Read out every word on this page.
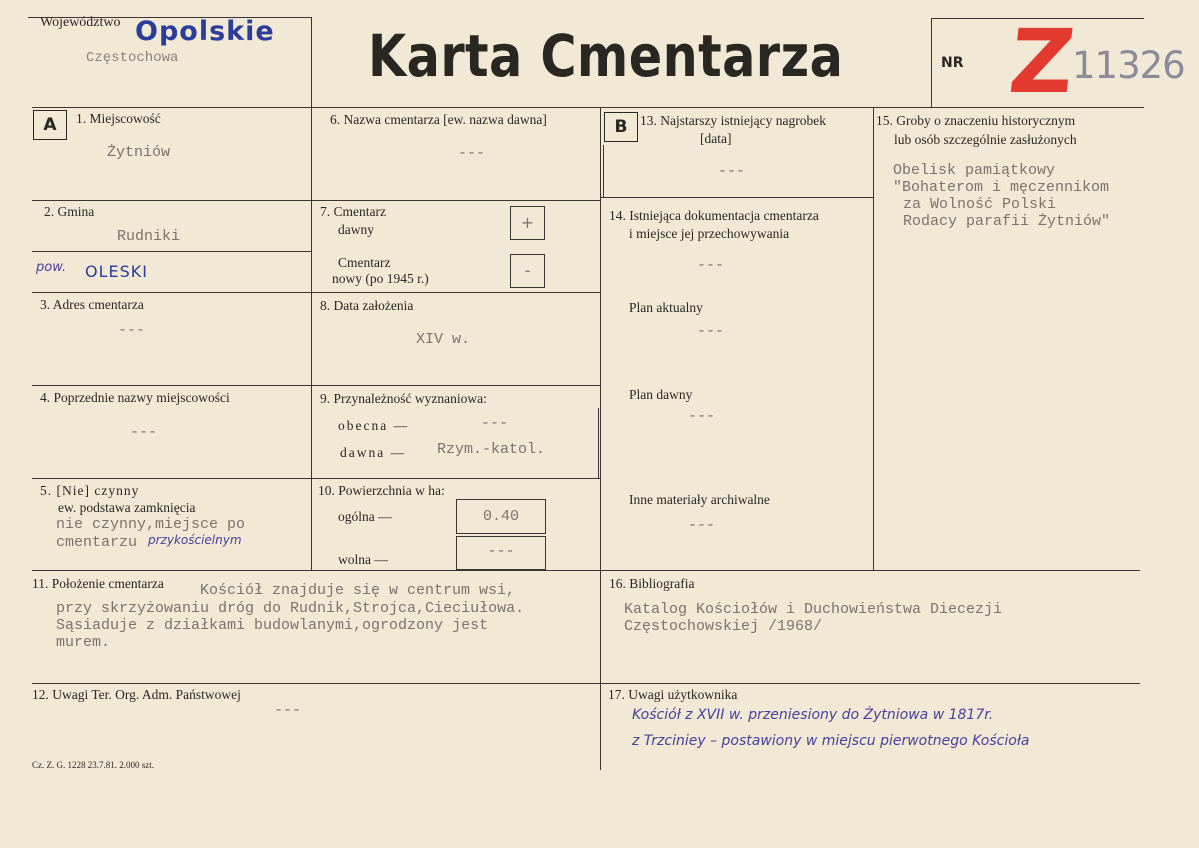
Województwo Opolskie
Częstochowa	Karta Cmentarza	NR Z
11326
A	B
1. Miejscowość
Żytniów
2. Gmina
Rudniki
pow. OLESKI
3. Adres cmentarza
---
4. Poprzednie nazwy miejscowości
---
5. [Nie] czynny
ew. podstawa zamknięcia
nie czynny,miejsce po
cmentarzu przykościelnym
6. Nazwa cmentarza [ew. nazwa dawna]
---
7. Cmentarz
dawny	+
Cmentarz
nowy (po 1945 r.)	-
8. Data założenia
XIV w.
9. Przynależność wyznaniowa:
obecna —	---
dawna — Rzym.-katol.
10. Powierzchnia w ha:
ogólna —	0.40
wolna —	---
13. Najstarszy istniejący nagrobek
[data]
---
14. Istniejąca dokumentacja cmentarza
i miejsce jej przechowywania
---
Plan aktualny
---
Plan dawny
---
Inne materiały archiwalne
---
15. Groby o znaczeniu historycznym
lub osób szczególnie zasłużonych
Obelisk pamiątkowy
"Bohaterom i męczennikom
za Wolność Polski
Rodacy parafii Żytniów"
11. Położenie cmentarza Kościół znajduje się w centrum wsi,
przy skrzyżowaniu dróg do Rudnik,Strojca,Cieciułowa.
Sąsiaduje z działkami budowlanymi,ogrodzony jest
murem.
16. Bibliografia
Katalog Kościołów i Duchowieństwa Diecezji
Częstochowskiej /1968/
12. Uwagi Ter. Org. Adm. Państwowej
---
17. Uwagi użytkownika
Kościół z XVII w. przeniesiony do Żytniowa w 1817r.
z Trzciniey – postawiony w miejscu pierwotnego Kościoła
Cz. Z. G. 1228 23.7.81. 2.000 szt.
